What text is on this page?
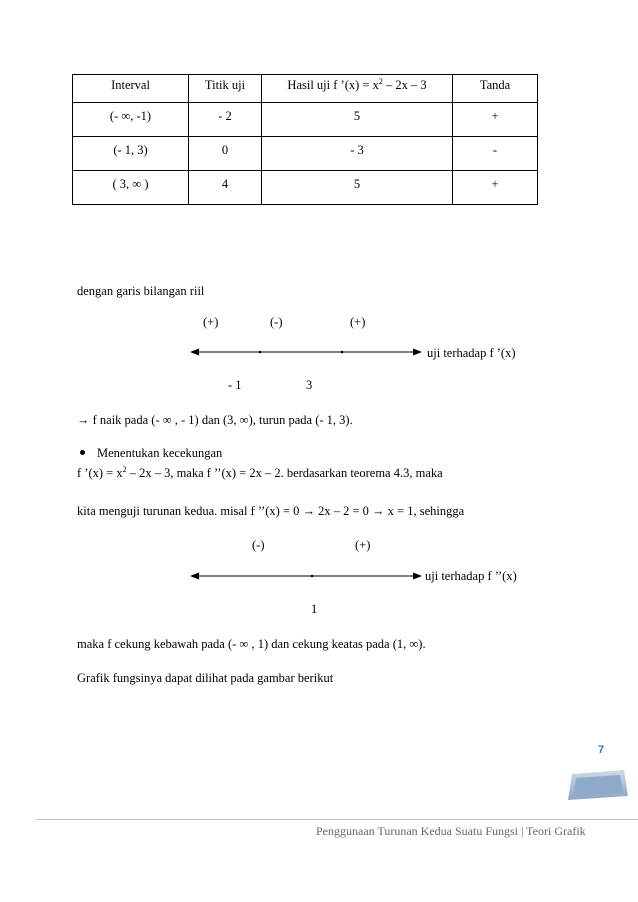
Interval	Titik uji	Hasil uji f ’(x) = $x^2 - 2x - 3$	Tanda
(- ∞, -1)	- 2	5	+
(- 1, 3)	0	- 3	-
( 3, ∞ )	4	5	+
dengan garis bilangan riil
(+)	(-)	(+)
uji terhadap f ’(x)
- 1	3
→ f naik pada (- ∞ , - 1) dan (3, ∞), turun pada (- 1, 3).
Menentukan kecekungan
f ’(x) = $x^2 - 2x - 3$, maka f ’’(x) = 2x – 2. berdasarkan teorema 4.3, maka
kita menguji turunan kedua. misal f ’’(x) = 0 → 2x – 2 = 0 → x = 1, sehingga
(-)	(+)
uji terhadap f ’’(x)
1
maka f cekung kebawah pada (- ∞ , 1) dan cekung keatas pada (1, ∞).
Grafik fungsinya dapat dilihat pada gambar berikut
7
Penggunaan Turunan Kedua Suatu Fungsi | Teori Grafik
